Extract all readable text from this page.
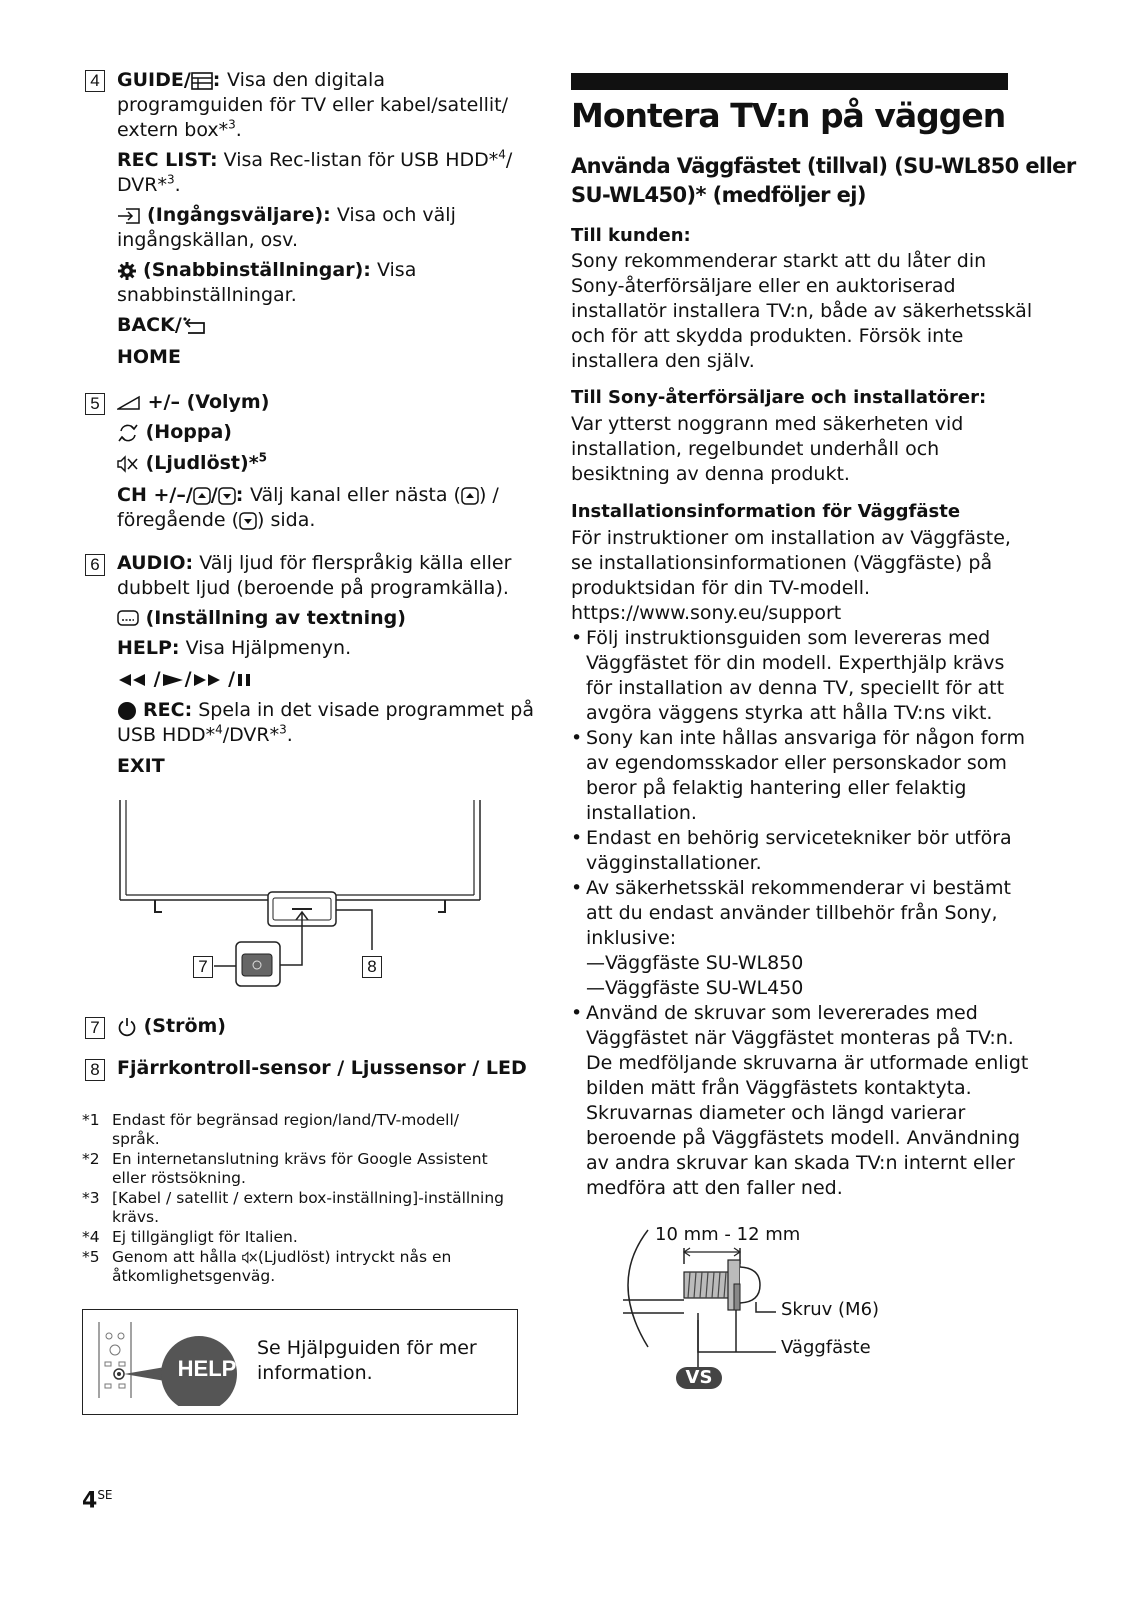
4 GUIDE/ : Visa den digitala
programguiden för TV eller kabel/satellit/
extern box*$^3$.
REC LIST: Visa Rec-listan för USB HDD*$^4$/
DVR*$^3$.
(Ingångsväljare): Visa och välj
ingångskällan, osv.
(Snabbinställningar): Visa
snabbinställningar.
BACK/
HOME
5	+/– (Volym)
(Hoppa)
(Ljudlöst)*$^5$
CH +/–/ / : Välj kanal eller nästa ( ) /
föregående ( ) sida.
6 AUDIO: Välj ljud för flerspråkig källa eller
dubbelt ljud (beroende på programkälla).
(Inställning av textning)
HELP: Visa Hjälpmenyn.
/ / /
REC: Spela in det visade programmet på
USB HDD*$^4$/DVR*$^3$.
EXIT
7	8
7	(Ström)
8 Fjärrkontroll-sensor / Ljussensor / LED
*1 Endast för begränsad region/land/TV-modell/
språk.
*2 En internetanslutning krävs för Google Assistent
eller röstsökning.
*3 [Kabel / satellit / extern box-inställning]-inställning
krävs.
*4 Ej tillgängligt för Italien.
*5 Genom att hålla (Ljudlöst) intryckt nås en
åtkomlighetsgenväg.
HELP
Se Hjälpguiden för mer
information.
$4^{SE}$
Montera TV:n på väggen
Använda Väggfästet (tillval) (SU-WL850 eller
SU-WL450)* (medföljer ej)
Till kunden:
Sony rekommenderar starkt att du låter din
Sony-återförsäljare eller en auktoriserad
installatör installera TV:n, både av säkerhetsskäl
och för att skydda produkten. Försök inte
installera den själv.
Till Sony-återförsäljare och installatörer:
Var ytterst noggrann med säkerheten vid
installation, regelbundet underhåll och
besiktning av denna produkt.
Installationsinformation för Väggfäste
För instruktioner om installation av Väggfäste,
se installationsinformationen (Väggfäste) på
produktsidan för din TV-modell.
https://www.sony.eu/support
• Följ instruktionsguiden som levereras med
Väggfästet för din modell. Experthjälp krävs
för installation av denna TV, speciellt för att
avgöra väggens styrka att hålla TV:ns vikt.
• Sony kan inte hållas ansvariga för någon form
av egendomsskador eller personskador som
beror på felaktig hantering eller felaktig
installation.
• Endast en behörig servicetekniker bör utföra
vägginstallationer.
• Av säkerhetsskäl rekommenderar vi bestämt
att du endast använder tillbehör från Sony,
inklusive:
—Väggfäste SU-WL850
—Väggfäste SU-WL450
• Använd de skruvar som levererades med
Väggfästet när Väggfästet monteras på TV:n.
De medföljande skruvarna är utformade enligt
bilden mätt från Väggfästets kontaktyta.
Skruvarnas diameter och längd varierar
beroende på Väggfästets modell. Användning
av andra skruvar kan skada TV:n internt eller
medföra att den faller ned.
10 mm - 12 mm
Skruv (M6)
Väggfäste
VS
